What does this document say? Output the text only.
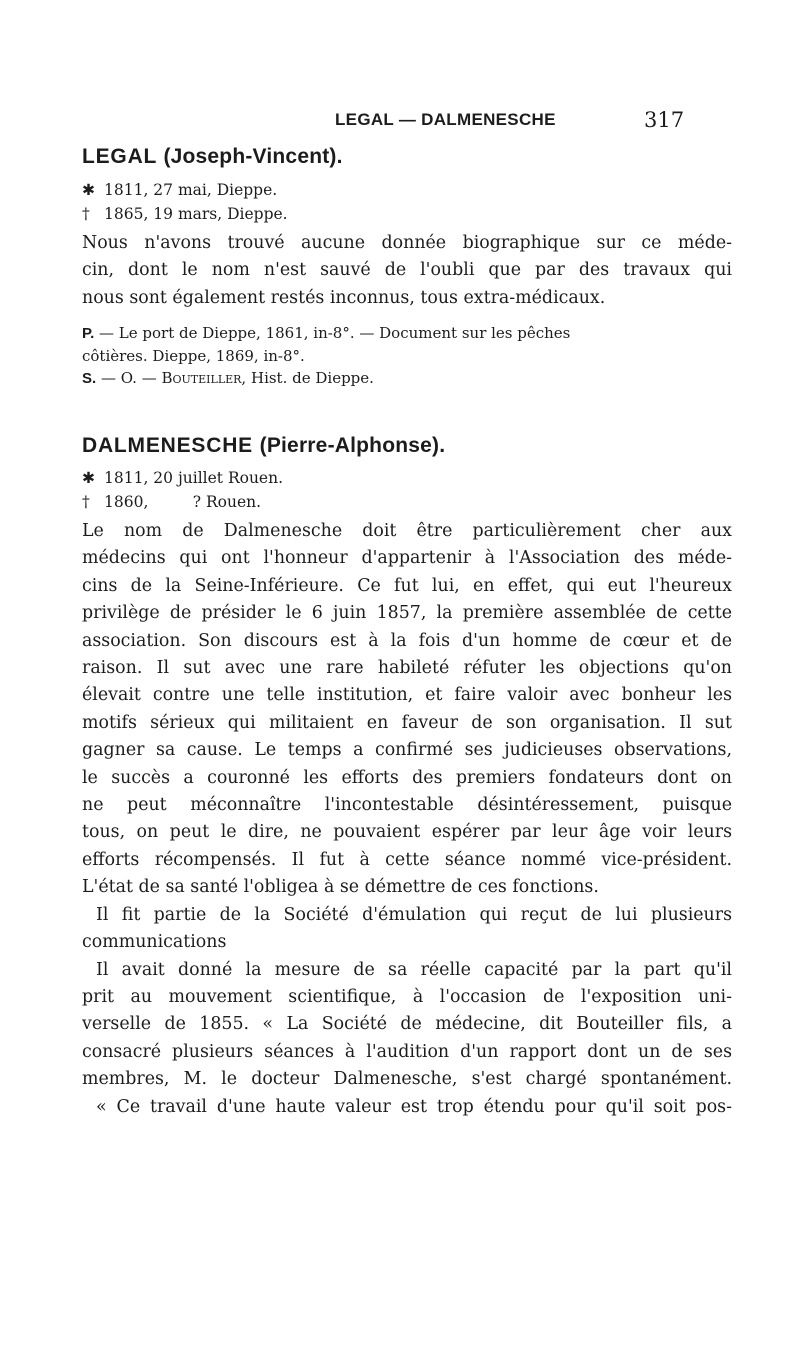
LEGAL — DALMENESCHE	317
LEGAL (Joseph-Vincent).
✱ 1811, 27 mai, Dieppe.
† 1865, 19 mars, Dieppe.
Nous n'avons trouvé aucune donnée biographique sur ce méde-
cin, dont le nom n'est sauvé de l'oubli que par des travaux qui
nous sont également restés inconnus, tous extra-médicaux.
P. — Le port de Dieppe, 1861, in-8°. — Document sur les pêches
côtières. Dieppe, 1869, in-8°.
S. — O. — Bouteiller, Hist. de Dieppe.
DALMENESCHE (Pierre-Alphonse).
✱ 1811, 20 juillet Rouen.
† 1860,         ? Rouen.
Le nom de Dalmenesche doit être particulièrement cher aux
médecins qui ont l'honneur d'appartenir à l'Association des méde-
cins de la Seine-Inférieure. Ce fut lui, en effet, qui eut l'heureux
privilège de présider le 6 juin 1857, la première assemblée de cette
association. Son discours est à la fois d'un homme de cœur et de
raison. Il sut avec une rare habileté réfuter les objections qu'on
élevait contre une telle institution, et faire valoir avec bonheur les
motifs sérieux qui militaient en faveur de son organisation. Il sut
gagner sa cause. Le temps a confirmé ses judicieuses observations,
le succès a couronné les efforts des premiers fondateurs dont on
ne peut méconnaître l'incontestable désintéressement, puisque
tous, on peut le dire, ne pouvaient espérer par leur âge voir leurs
efforts récompensés. Il fut à cette séance nommé vice-président.
L'état de sa santé l'obligea à se démettre de ces fonctions.
Il fit partie de la Société d'émulation qui reçut de lui plusieurs
communications
Il avait donné la mesure de sa réelle capacité par la part qu'il
prit au mouvement scientifique, à l'occasion de l'exposition uni-
verselle de 1855. « La Société de médecine, dit Bouteiller fils, a
consacré plusieurs séances à l'audition d'un rapport dont un de ses
membres, M. le docteur Dalmenesche, s'est chargé spontanément.
« Ce travail d'une haute valeur est trop étendu pour qu'il soit pos-
